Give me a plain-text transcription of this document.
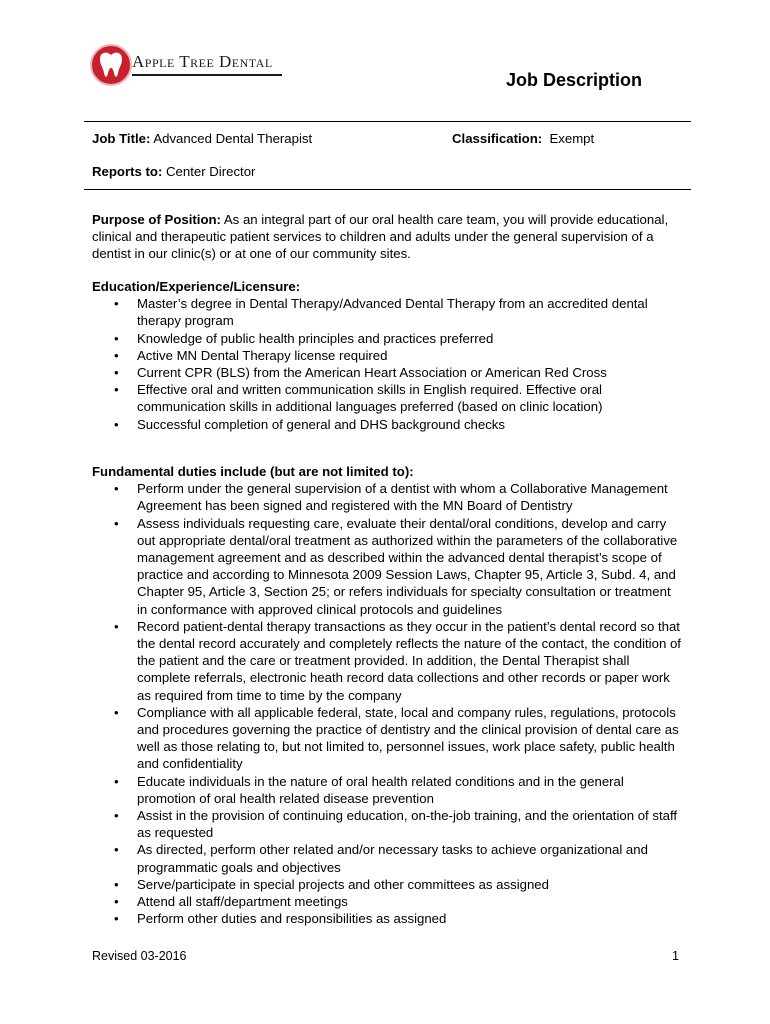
Apple Tree Dental
Job Description
Job Title: Advanced Dental Therapist	Classification: Exempt
Reports to: Center Director

Purpose of Position: As an integral part of our oral health care team, you will provide educational, clinical and therapeutic patient services to children and adults under the general supervision of a dentist in our clinic(s) or at one of our community sites.

Education/Experience/Licensure:

• Master’s degree in Dental Therapy/Advanced Dental Therapy from an accredited dental therapy program
• Knowledge of public health principles and practices preferred
• Active MN Dental Therapy license required
• Current CPR (BLS) from the American Heart Association or American Red Cross
• Effective oral and written communication skills in English required. Effective oral communication skills in additional languages preferred (based on clinic location)
• Successful completion of general and DHS background checks

Fundamental duties include (but are not limited to):

• Perform under the general supervision of a dentist with whom a Collaborative Management Agreement has been signed and registered with the MN Board of Dentistry
• Assess individuals requesting care, evaluate their dental/oral conditions, develop and carry out appropriate dental/oral treatment as authorized within the parameters of the collaborative management agreement and as described within the advanced dental therapist’s scope of practice and according to Minnesota 2009 Session Laws, Chapter 95, Article 3, Subd. 4, and Chapter 95, Article 3, Section 25; or refers individuals for specialty consultation or treatment in conformance with approved clinical protocols and guidelines
• Record patient-dental therapy transactions as they occur in the patient’s dental record so that the dental record accurately and completely reflects the nature of the contact, the condition of the patient and the care or treatment provided. In addition, the Dental Therapist shall complete referrals, electronic heath record data collections and other records or paper work as required from time to time by the company
• Compliance with all applicable federal, state, local and company rules, regulations, protocols and procedures governing the practice of dentistry and the clinical provision of dental care as well as those relating to, but not limited to, personnel issues, work place safety, public health and confidentiality
• Educate individuals in the nature of oral health related conditions and in the general promotion of oral health related disease prevention
• Assist in the provision of continuing education, on-the-job training, and the orientation of staff as requested
• As directed, perform other related and/or necessary tasks to achieve organizational and programmatic goals and objectives
• Serve/participate in special projects and other committees as assigned
• Attend all staff/department meetings
• Perform other duties and responsibilities as assigned
Revised 03-2016	1
